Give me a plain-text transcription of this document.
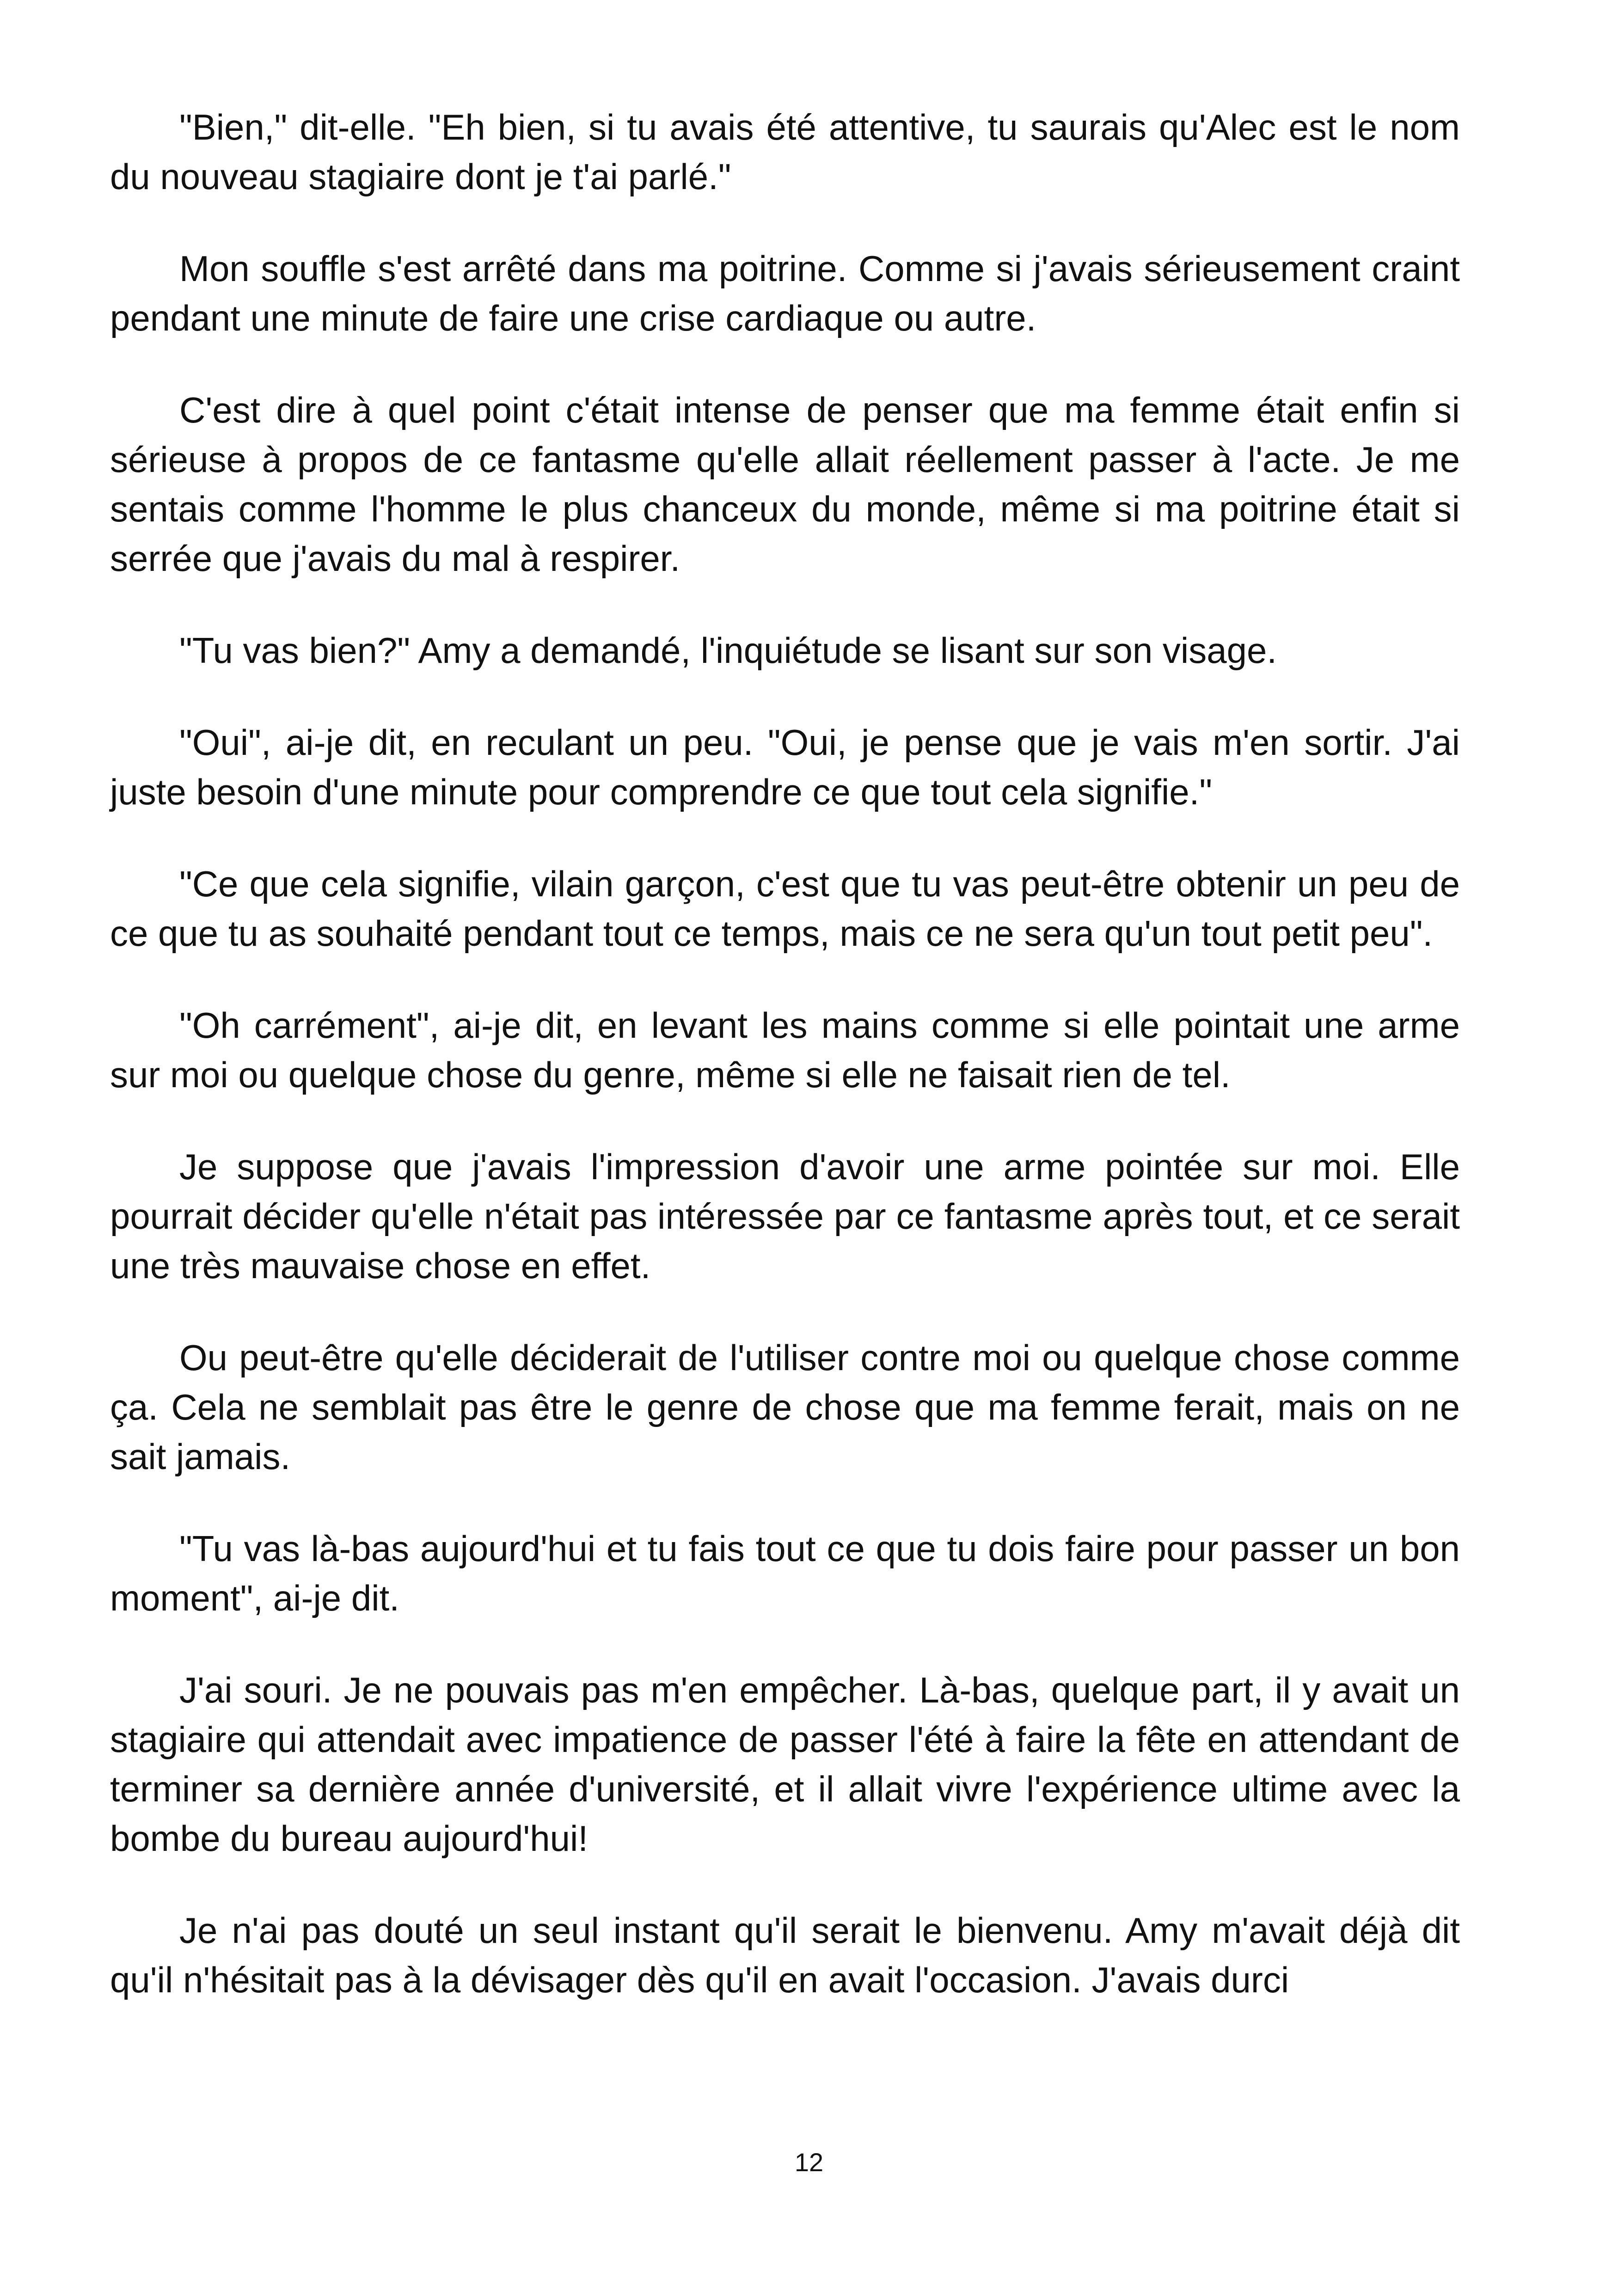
"Bien," dit-elle. "Eh bien, si tu avais été attentive, tu saurais qu'Alec est le nom du nouveau stagiaire dont je t'ai parlé."

Mon souffle s'est arrêté dans ma poitrine. Comme si j'avais sérieusement craint pendant une minute de faire une crise cardiaque ou autre.

C'est dire à quel point c'était intense de penser que ma femme était enfin si sérieuse à propos de ce fantasme qu'elle allait réellement passer à l'acte. Je me sentais comme l'homme le plus chanceux du monde, même si ma poitrine était si serrée que j'avais du mal à respirer.

"Tu vas bien?" Amy a demandé, l'inquiétude se lisant sur son visage.

"Oui", ai-je dit, en reculant un peu. "Oui, je pense que je vais m'en sortir. J'ai juste besoin d'une minute pour comprendre ce que tout cela signifie."

"Ce que cela signifie, vilain garçon, c'est que tu vas peut-être obtenir un peu de ce que tu as souhaité pendant tout ce temps, mais ce ne sera qu'un tout petit peu".

"Oh carrément", ai-je dit, en levant les mains comme si elle pointait une arme sur moi ou quelque chose du genre, même si elle ne faisait rien de tel.

Je suppose que j'avais l'impression d'avoir une arme pointée sur moi. Elle pourrait décider qu'elle n'était pas intéressée par ce fantasme après tout, et ce serait une très mauvaise chose en effet.

Ou peut-être qu'elle déciderait de l'utiliser contre moi ou quelque chose comme ça. Cela ne semblait pas être le genre de chose que ma femme ferait, mais on ne sait jamais.

"Tu vas là-bas aujourd'hui et tu fais tout ce que tu dois faire pour passer un bon moment", ai-je dit.

J'ai souri. Je ne pouvais pas m'en empêcher. Là-bas, quelque part, il y avait un stagiaire qui attendait avec impatience de passer l'été à faire la fête en attendant de terminer sa dernière année d'université, et il allait vivre l'expérience ultime avec la bombe du bureau aujourd'hui!

Je n'ai pas douté un seul instant qu'il serait le bienvenu. Amy m'avait déjà dit qu'il n'hésitait pas à la dévisager dès qu'il en avait l'occasion. J'avais durci

12
